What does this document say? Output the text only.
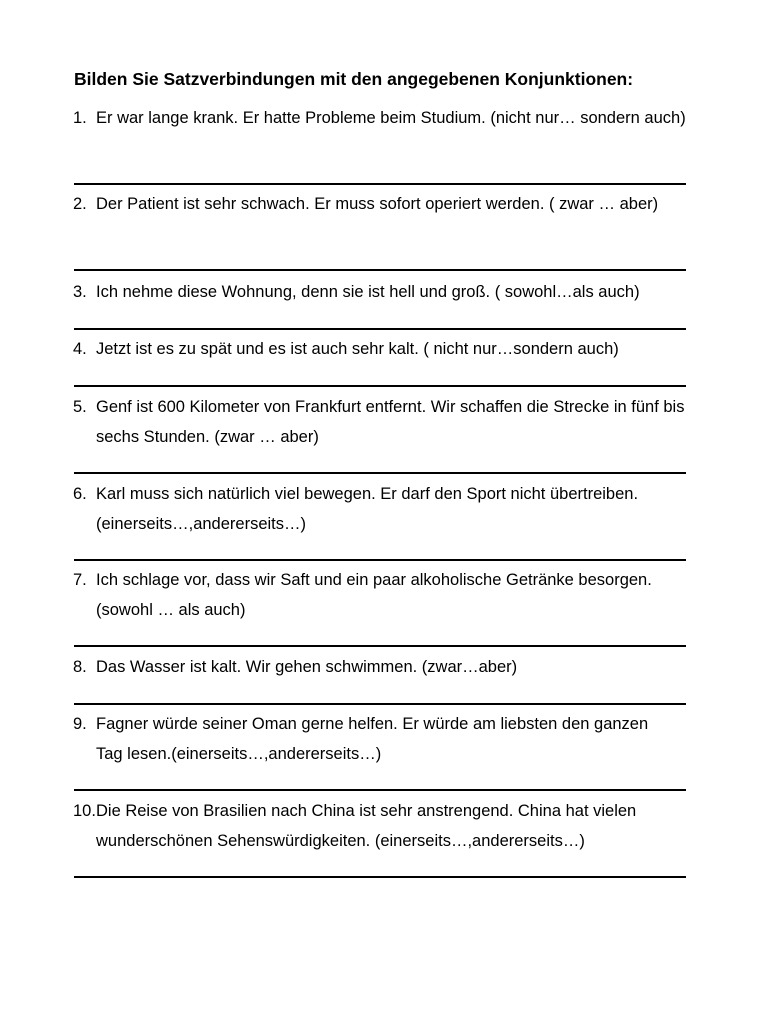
Bilden Sie Satzverbindungen mit den angegebenen Konjunktionen:
1. Er war lange krank. Er hatte Probleme beim Studium. (nicht nur… sondern auch)
2. Der Patient ist sehr schwach. Er muss sofort operiert werden. ( zwar … aber)
3. Ich nehme diese Wohnung, denn sie ist hell und groß. ( sowohl…als auch)
4. Jetzt ist es zu spät und es ist auch sehr kalt. ( nicht nur…sondern auch)
5. Genf ist 600 Kilometer von Frankfurt entfernt. Wir schaffen die Strecke in fünf bis sechs Stunden. (zwar … aber)
6. Karl muss sich natürlich viel bewegen. Er darf den Sport nicht übertreiben. (einerseits…,andererseits…)
7. Ich schlage vor, dass wir Saft und ein paar alkoholische Getränke besorgen. (sowohl … als auch)
8. Das Wasser ist kalt. Wir gehen schwimmen. (zwar…aber)
9. Fagner würde seiner Oman gerne helfen. Er würde am liebsten den ganzen Tag lesen.(einerseits…,andererseits…)
10. Die Reise von Brasilien nach China ist sehr anstrengend. China hat vielen wunderschönen Sehenswürdigkeiten. (einerseits…,andererseits…)
